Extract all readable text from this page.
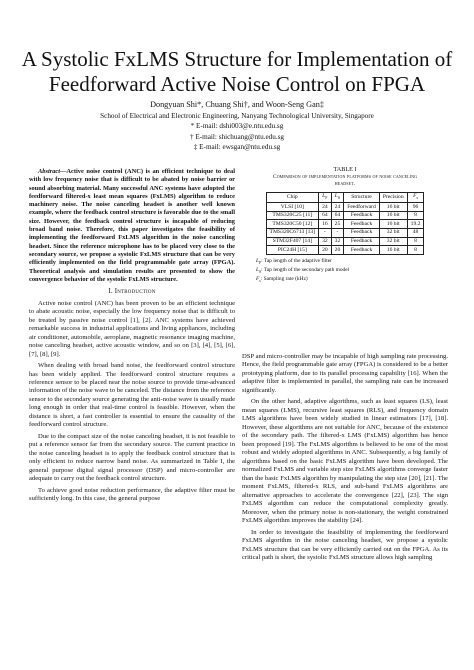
A Systolic FxLMS Structure for Implementation of
Feedforward Active Noise Control on FPGA
Dongyuan Shi*, Chuang Shi†, and Woon-Seng Gan‡
School of Electrical and Electronic Engineering, Nanyang Technological University, Singapore
* E-mail: dshi003@e.ntu.edu.sg
† E-mail: shichuang@ntu.edu.sg
‡ E-mail: ewsgan@ntu.edu.sg

Abstract—Active noise control (ANC) is an efficient technique to deal with low frequency noise that is difficult to be abated by noise barrier or sound absorbing material. Many successful ANC systems have adopted the feedforward filtered-x least mean squares (FxLMS) algorithm to reduce machinery noise. The noise canceling headset is another well known example, where the feedback control structure is favorable due to the small size. However, the feedback control structure is incapable of reducing broad band noise. Therefore, this paper investigates the feasibility of implementing the feedforward FxLMS algorithm in the noise canceling headset. Since the reference microphone has to be placed very close to the secondary source, we propose a systolic FxLMS structure that can be very efficiently implemented on the field programmable gate array (FPGA). Theoretical analysis and simulation results are presented to show the convergence behavior of the systolic FxLMS structure.

I. Introduction

Active noise control (ANC) has been proven to be an efficient technique to abate acoustic noise, especially the low frequency noise that is difficult to be treated by passive noise control [1], [2]. ANC systems have achieved remarkable success in industrial applications and living appliances, including air conditioner, automobile, aeroplane, magnetic resonance imaging machine, noise canceling headset, active acoustic window, and so on [3], [4], [5], [6], [7], [8], [9].

When dealing with broad band noise, the feedforward control structure has been widely applied. The feedforward control structure requires a reference sensor to be placed near the noise source to provide time-advanced information of the noise wave to be canceled. The distance from the reference sensor to the secondary source generating the anti-noise wave is usually made long enough in order that real-time control is feasible. However, when the distance is short, a fast controller is essential to ensure the causality of the feedforward control structure.

Due to the compact size of the noise canceling headset, it is not feasible to put a reference sensor far from the secondary source. The current practice in the noise canceling headset is to apply the feedback control structure that is only efficient to reduce narrow band noise. As summarized in Table I, the general purpose digital signal processor (DSP) and micro-controller are adequate to carry out the feedback control structure.

To achieve good noise reduction performance, the adaptive filter must be sufficiently long. In this case, the general purpose

TABLE I
Comparison of implementation platforms of noise canceling
headset.
Chip	$L_F$	$L_S$	Structure	Precision	$F_s$
VLSI [10]	24	24	Feedforward	16 bit	96
TMS320C25 [11]	64	64	Feedback	16 bit	8
TMS320C50 [12]	16	25	Feedback	16 bit	19.2
TMS320C6713 [13]	-	-	Feedback	32 bit	48
STM32F407 [14]	32	32	Feedback	32 bit	8
PIC24H [15]	20	20	Feedback	16 bit	8
$L_F$: Tap length of the adaptive filter
$L_S$: Tap length of the secondary path model
$F_s$: Sampling rate (kHz)

DSP and micro-controller may be incapable of high sampling rate processing. Hence, the field programmable gate array (FPGA) is considered to be a better prototyping platform, due to its parallel processing capability [16]. When the adaptive filter is implemented in parallel, the sampling rate can be increased significantly.

On the other hand, adaptive algorithms, such as least squares (LS), least mean squares (LMS), recursive least squares (RLS), and frequency domain LMS algorithms have been widely studied in linear estimators [17], [18]. However, these algorithms are not suitable for ANC, because of the existence of the secondary path. The filtered-x LMS (FxLMS) algorithm has hence been proposed [19]. The FxLMS algorithm is believed to be one of the most robust and widely adopted algorithms in ANC. Subsequently, a big family of algorithms based on the basic FxLMS algorithm have been developed. The normalized FxLMS and variable step size FxLMS algorithms converge faster than the basic FxLMS algorithm by manipulating the step size [20], [21]. The moment FxLMS, filtered-x RLS, and sub-band FxLMS algorithms are alternative approaches to accelerate the convergence [22], [23]. The sign FxLMS algorithm can reduce the computational complexity greatly. Moreover, when the primary noise is non-stationary, the weight constrained FxLMS algorithm improves the stability [24].

In order to investigate the feasibility of implementing the feedforward FxLMS algorithm in the noise canceling headset, we propose a systolic FxLMS structure that can be very efficiently carried out on the FPGA. As its critical path is short, the systolic FxLMS structure allows high sampling
